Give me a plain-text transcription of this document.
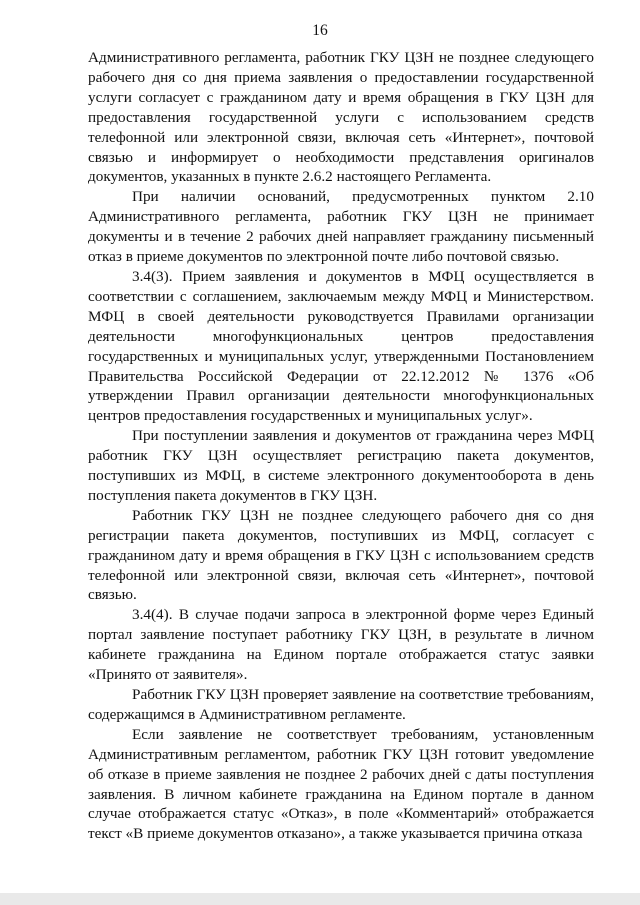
16

Административного регламента, работник ГКУ ЦЗН не позднее следующего рабочего дня со дня приема заявления о предоставлении государственной услуги согласует с гражданином дату и время обращения в ГКУ ЦЗН для предоставления государственной услуги с использованием средств телефонной или электронной связи, включая сеть «Интернет», почтовой связью и информирует о необходимости представления оригиналов документов, указанных в пункте 2.6.2 настоящего Регламента.

При наличии оснований, предусмотренных пунктом 2.10 Административного регламента, работник ГКУ ЦЗН не принимает документы и в течение 2 рабочих дней направляет гражданину письменный отказ в приеме документов по электронной почте либо почтовой связью.

3.4(3). Прием заявления и документов в МФЦ осуществляется в соответствии с соглашением, заключаемым между МФЦ и Министерством. МФЦ в своей деятельности руководствуется Правилами организации деятельности многофункциональных центров предоставления государственных и муниципальных услуг, утвержденными Постановлением Правительства Российской Федерации от 22.12.2012 № 1376 «Об утверждении Правил организации деятельности многофункциональных центров предоставления государственных и муниципальных услуг».

При поступлении заявления и документов от гражданина через МФЦ работник ГКУ ЦЗН осуществляет регистрацию пакета документов, поступивших из МФЦ, в системе электронного документооборота в день поступления пакета документов в ГКУ ЦЗН.

Работник ГКУ ЦЗН не позднее следующего рабочего дня со дня регистрации пакета документов, поступивших из МФЦ, согласует с гражданином дату и время обращения в ГКУ ЦЗН с использованием средств телефонной или электронной связи, включая сеть «Интернет», почтовой связью.

3.4(4). В случае подачи запроса в электронной форме через Единый портал заявление поступает работнику ГКУ ЦЗН, в результате в личном кабинете гражданина на Едином портале отображается статус заявки «Принято от заявителя».

Работник ГКУ ЦЗН проверяет заявление на соответствие требованиям, содержащимся в Административном регламенте.

Если заявление не соответствует требованиям, установленным Административным регламентом, работник ГКУ ЦЗН готовит уведомление об отказе в приеме заявления не позднее 2 рабочих дней с даты поступления заявления. В личном кабинете гражданина на Едином портале в данном случае отображается статус «Отказ», в поле «Комментарий» отображается текст «В приеме документов отказано», а также указывается причина отказа
